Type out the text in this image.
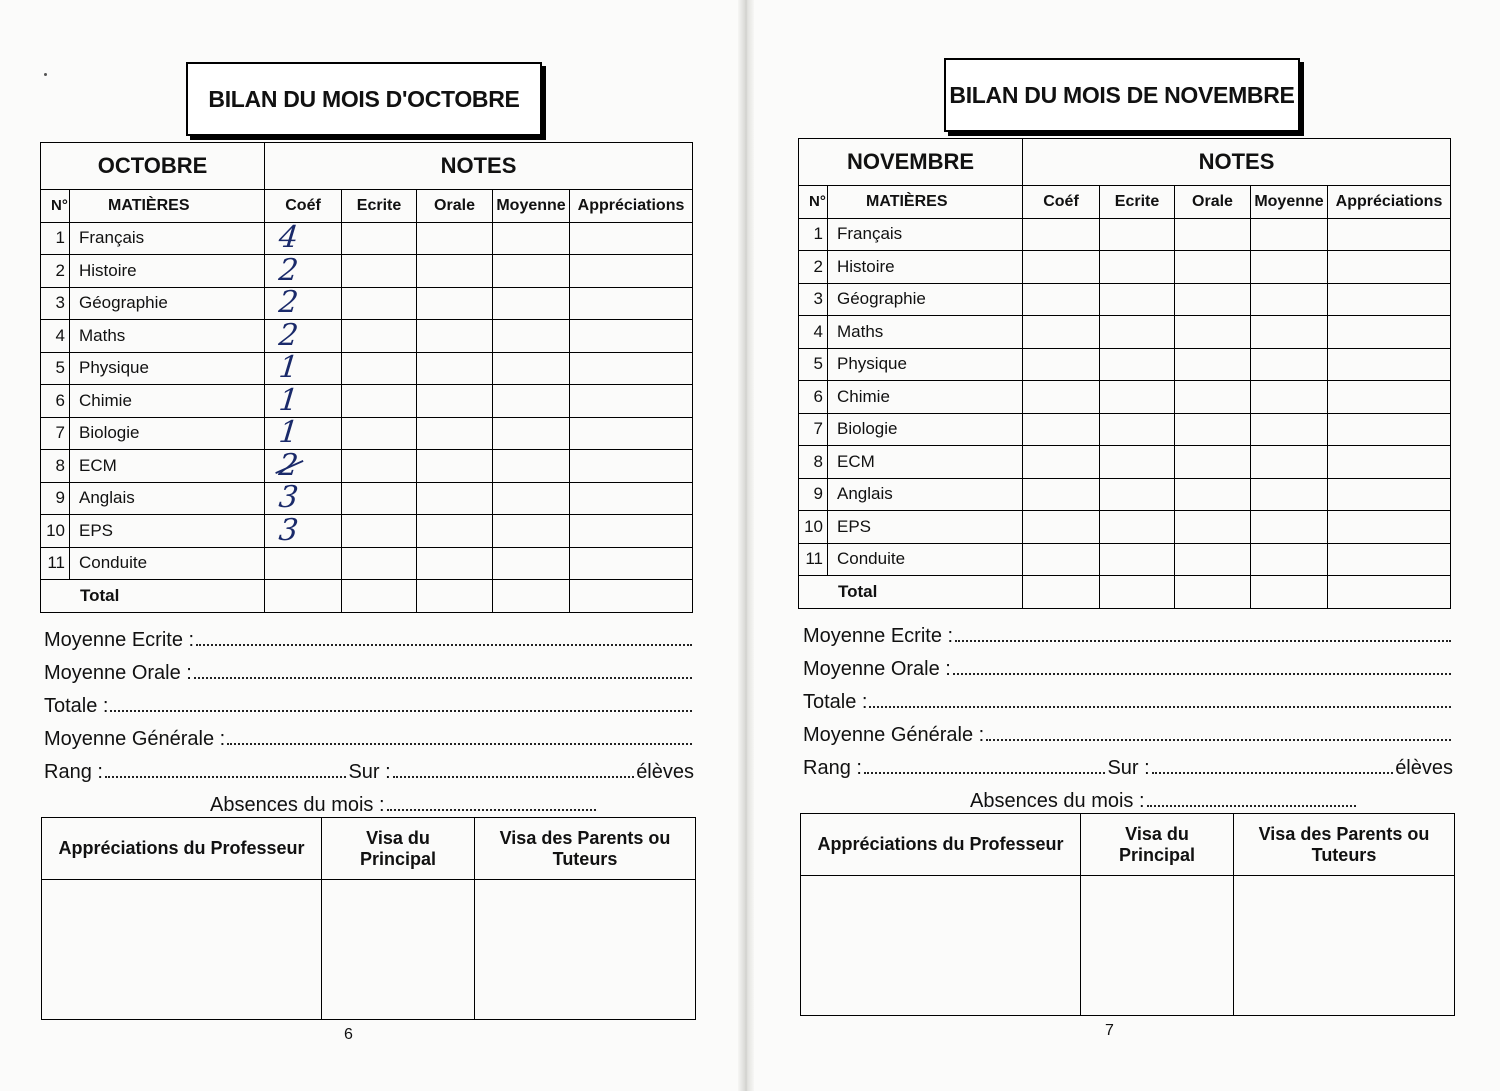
BILAN DU MOIS D'OCTOBRE
OCTOBRE		NOTES				
N°	MATIÈRES	Coéf	Ecrite	Orale	Moyenne	Appréciations
1	Français	4				
2	Histoire	2				
3	Géographie	2				
4	Maths	2				
5	Physique	1				
6	Chimie	1				
7	Biologie	1				
8	ECM	2				
9	Anglais	3				
10	EPS	3				
11	Conduite					
Total						
Moyenne Ecrite :
Moyenne Orale :
Totale :
Moyenne Générale :
Rang :	Sur :	élèves
Absences du mois :
Appréciations du Professeur	Visa du Principal	Visa des Parents ou Tuteurs

6
BILAN DU MOIS DE NOVEMBRE
NOVEMBRE		NOTES				
N°	MATIÈRES	Coéf	Ecrite	Orale	Moyenne	Appréciations
1	Français					
2	Histoire					
3	Géographie					
4	Maths					
5	Physique					
6	Chimie					
7	Biologie					
8	ECM					
9	Anglais					
10	EPS					
11	Conduite					
Total						
Moyenne Ecrite :
Moyenne Orale :
Totale :
Moyenne Générale :
Rang :	Sur :	élèves
Absences du mois :
Appréciations du Professeur	Visa du Principal	Visa des Parents ou Tuteurs

7
